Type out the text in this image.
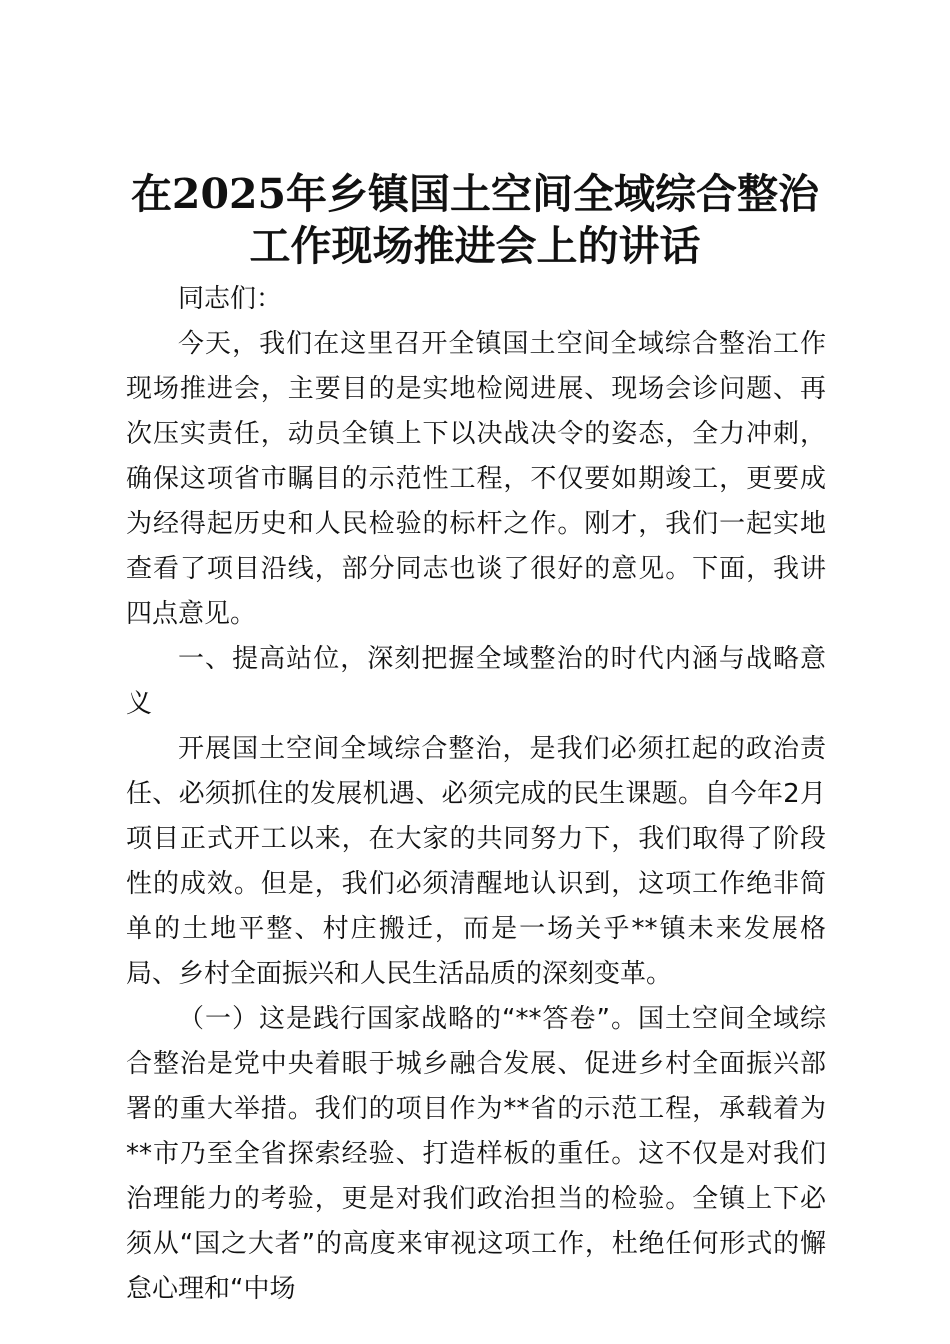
在2025年乡镇国土空间全域综合整治
工作现场推进会上的讲话

同志们：

今天，我们在这里召开全镇国土空间全域综合整治工作现场推进会，主要目的是实地检阅进展、现场会诊问题、再次压实责任，动员全镇上下以决战决令的姿态，全力冲刺，确保这项省市瞩目的示范性工程，不仅要如期竣工，更要成为经得起历史和人民检验的标杆之作。刚才，我们一起实地查看了项目沿线，部分同志也谈了很好的意见。下面，我讲四点意见。

一、提高站位，深刻把握全域整治的时代内涵与战略意义

开展国土空间全域综合整治，是我们必须扛起的政治责任、必须抓住的发展机遇、必须完成的民生课题。自今年2月项目正式开工以来，在大家的共同努力下，我们取得了阶段性的成效。但是，我们必须清醒地认识到，这项工作绝非简单的土地平整、村庄搬迁，而是一场关乎**镇未来发展格局、乡村全面振兴和人民生活品质的深刻变革。

（一）这是践行国家战略的“**答卷”。国土空间全域综合整治是党中央着眼于城乡融合发展、促进乡村全面振兴部署的重大举措。我们的项目作为**省的示范工程，承载着为**市乃至全省探索经验、打造样板的重任。这不仅是对我们治理能力的考验，更是对我们政治担当的检验。全镇上下必须从“国之大者”的高度来审视这项工作，杜绝任何形式的懈怠心理和“中场
